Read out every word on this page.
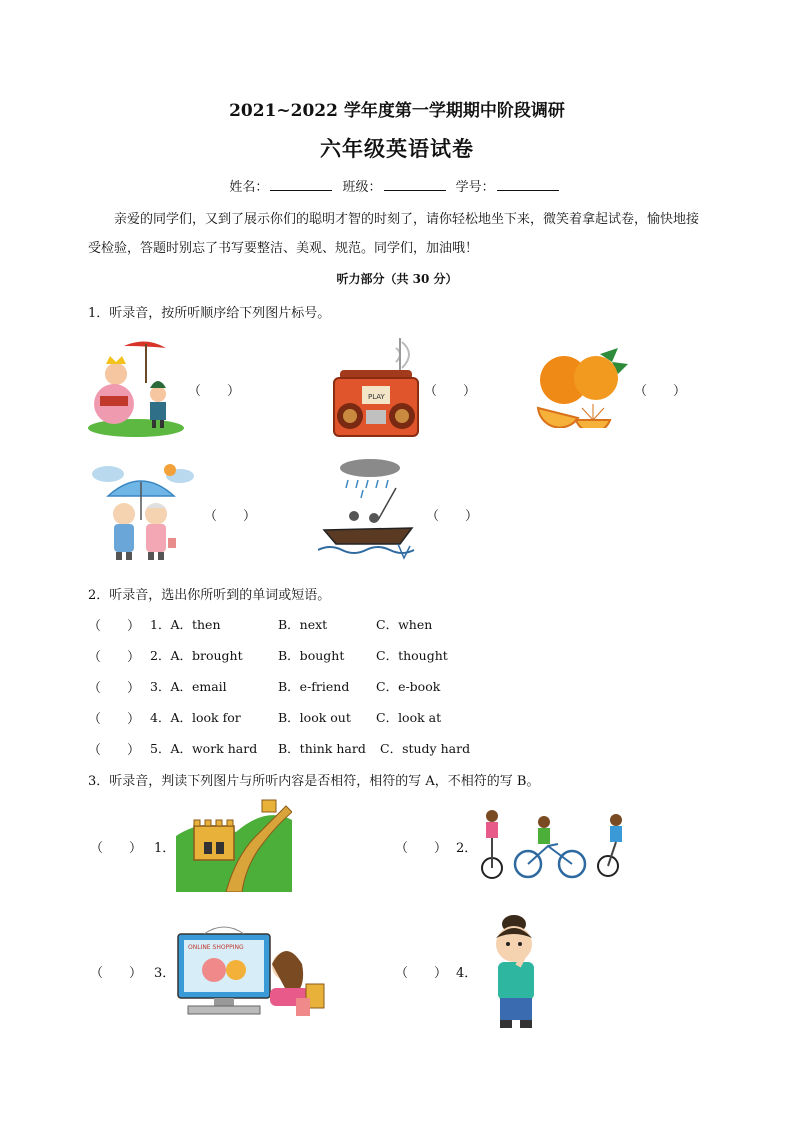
2021~2022 学年度第一学期期中阶段调研
六年级英语试卷
姓名：	班级：	学号：
亲爱的同学们，又到了展示你们的聪明才智的时刻了，请你轻松地坐下来，微笑着拿起试卷，愉快地接受检验，答题时别忘了书写要整洁、美观、规范。同学们，加油哦！
听力部分（共 30 分）
1．听录音，按所听顺序给下列图片标号。
（　　）	PLAY	（　　）	（　　）
（　　）	（　　）
2．听录音，选出你所听到的单词或短语。
（　　） 1．A．then	B．next	C．when
（　　） 2．A．brought	B．bought	C．thought
（　　） 3．A．email	B．e-friend C．e-book
（　　） 4．A．look for	B．look out C．look at
（　　） 5．A．work hard B．think hard C．study hard
3．听录音，判读下列图片与所听内容是否相符，相符的写 A，不相符的写 B。
（　　） 1．	（　　） 2．
（　　） 3．
ONLINE SHOPPING
（　　） 4．
